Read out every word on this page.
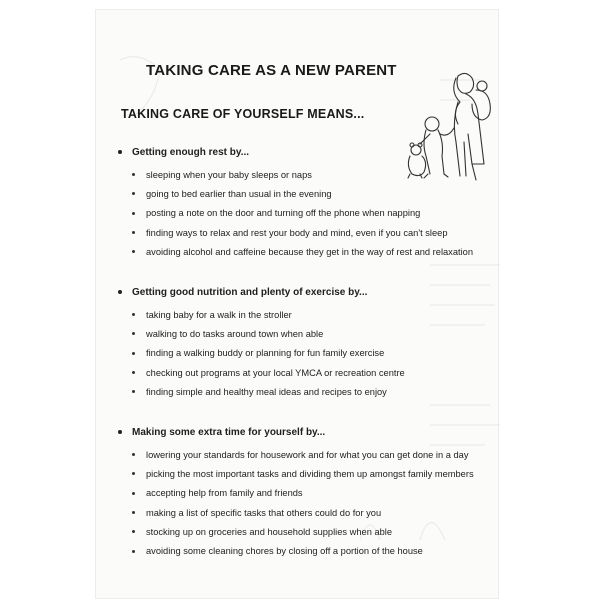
TAKING CARE AS A NEW PARENT
TAKING CARE OF YOURSELF MEANS...
Getting enough rest by...
sleeping when your baby sleeps or naps
going to bed earlier than usual in the evening
posting a note on the door and turning off the phone when napping
finding ways to relax and rest your body and mind, even if you can't sleep
avoiding alcohol and caffeine because they get in the way of rest and relaxation
Getting good nutrition and plenty of exercise by...
taking baby for a walk in the stroller
walking to do tasks around town when able
finding a walking buddy or planning for fun family exercise
checking out programs at your local YMCA or recreation centre
finding simple and healthy meal ideas and recipes to enjoy
Making some extra time for yourself by...
lowering your standards for housework and for what you can get done in a day
picking the most important tasks and dividing them up amongst family members
accepting help from family and friends
making a list of specific tasks that others could do for you
stocking up on groceries and household supplies when able
avoiding some cleaning chores by closing off a portion of the house
